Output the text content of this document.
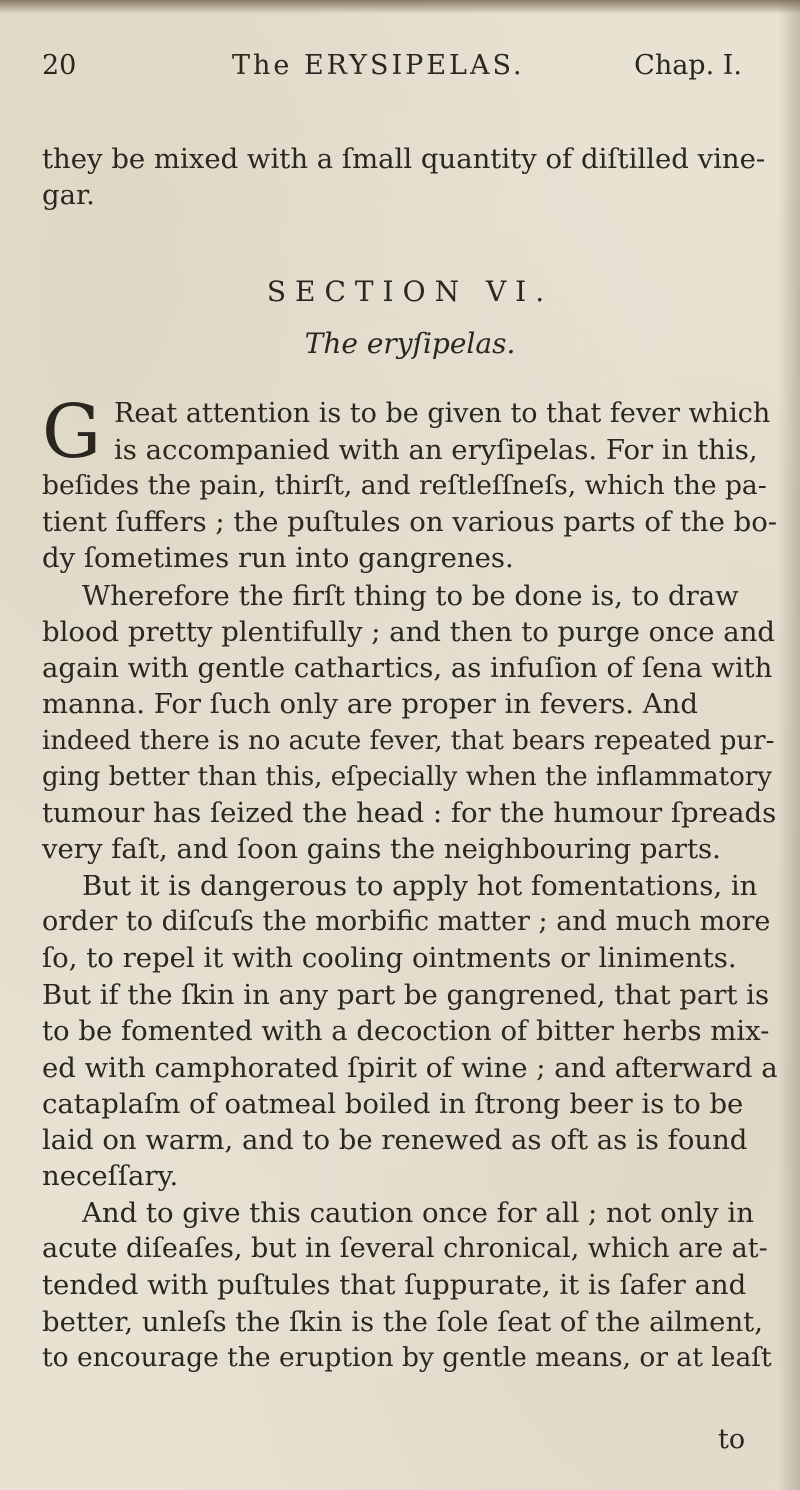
20	The ERYSIPELAS.	Chap. I.
they be mixed with a ſmall quantity of diſtilled vine-
gar.
SECTION VI.
The eryſipelas.
G Reat attention is to be given to that fever which
is accompanied with an eryſipelas. For in this,
beſides the pain, thirſt, and reſtleſſneſs, which the pa-
tient ſuffers ; the puſtules on various parts of the bo-
dy ſometimes run into gangrenes.
Wherefore the firſt thing to be done is, to draw
blood pretty plentifully ; and then to purge once and
again with gentle cathartics, as infuſion of ſena with
manna. For ſuch only are proper in fevers. And
indeed there is no acute fever, that bears repeated pur-
ging better than this, eſpecially when the inflammatory
tumour has ſeized the head : for the humour ſpreads
very faſt, and ſoon gains the neighbouring parts.
But it is dangerous to apply hot fomentations, in
order to diſcuſs the morbific matter ; and much more
ſo, to repel it with cooling ointments or liniments.
But if the ſkin in any part be gangrened, that part is
to be fomented with a decoction of bitter herbs mix-
ed with camphorated ſpirit of wine ; and afterward a
cataplaſm of oatmeal boiled in ſtrong beer is to be
laid on warm, and to be renewed as oft as is found
neceſſary.
And to give this caution once for all ; not only in
acute diſeaſes, but in ſeveral chronical, which are at-
tended with puſtules that ſuppurate, it is ſafer and
better, unleſs the ſkin is the ſole ſeat of the ailment,
to encourage the eruption by gentle means, or at leaſt
to
